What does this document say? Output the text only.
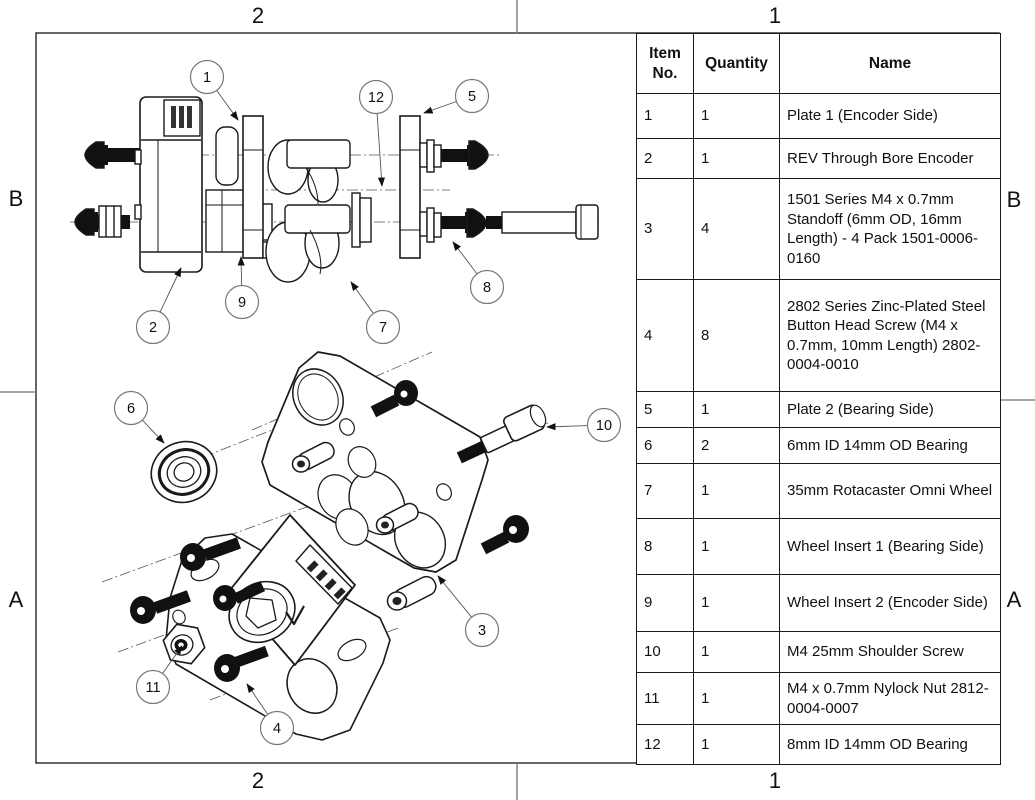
1
12	5
2
9
7
8
6
10
3
11
4
2	1
2	1
B
A
B
A
Item No.	Quantity	Name
1	1	Plate 1 (Encoder Side)
2	1	REV Through Bore Encoder
3	4	1501 Series M4 x 0.7mm Standoff (6mm OD, 16mm Length) - 4 Pack 1501-0006-0160
4	8	2802 Series Zinc-Plated Steel Button Head Screw (M4 x 0.7mm, 10mm Length) 2802-0004-0010
5	1	Plate 2 (Bearing Side)
6	2	6mm ID 14mm OD Bearing
7	1	35mm Rotacaster Omni Wheel
8	1	Wheel Insert 1 (Bearing Side)
9	1	Wheel Insert 2 (Encoder Side)
10	1	M4 25mm Shoulder Screw
11	1	M4 x 0.7mm Nylock Nut 2812-0004-0007
12	1	8mm ID 14mm OD Bearing
